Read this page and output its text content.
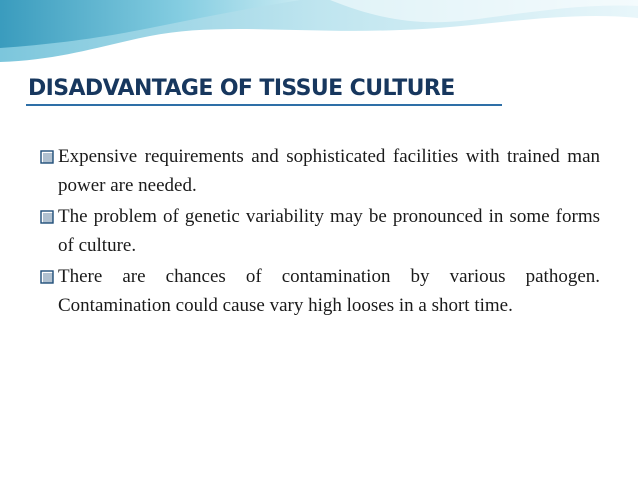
DISADVANTAGE OF TISSUE CULTURE
Expensive requirements and sophisticated facilities with trained man power are needed.
The problem of genetic variability may be pronounced in some forms of culture.
There are chances of contamination by various pathogen. Contamination could cause vary high looses in a short time.
